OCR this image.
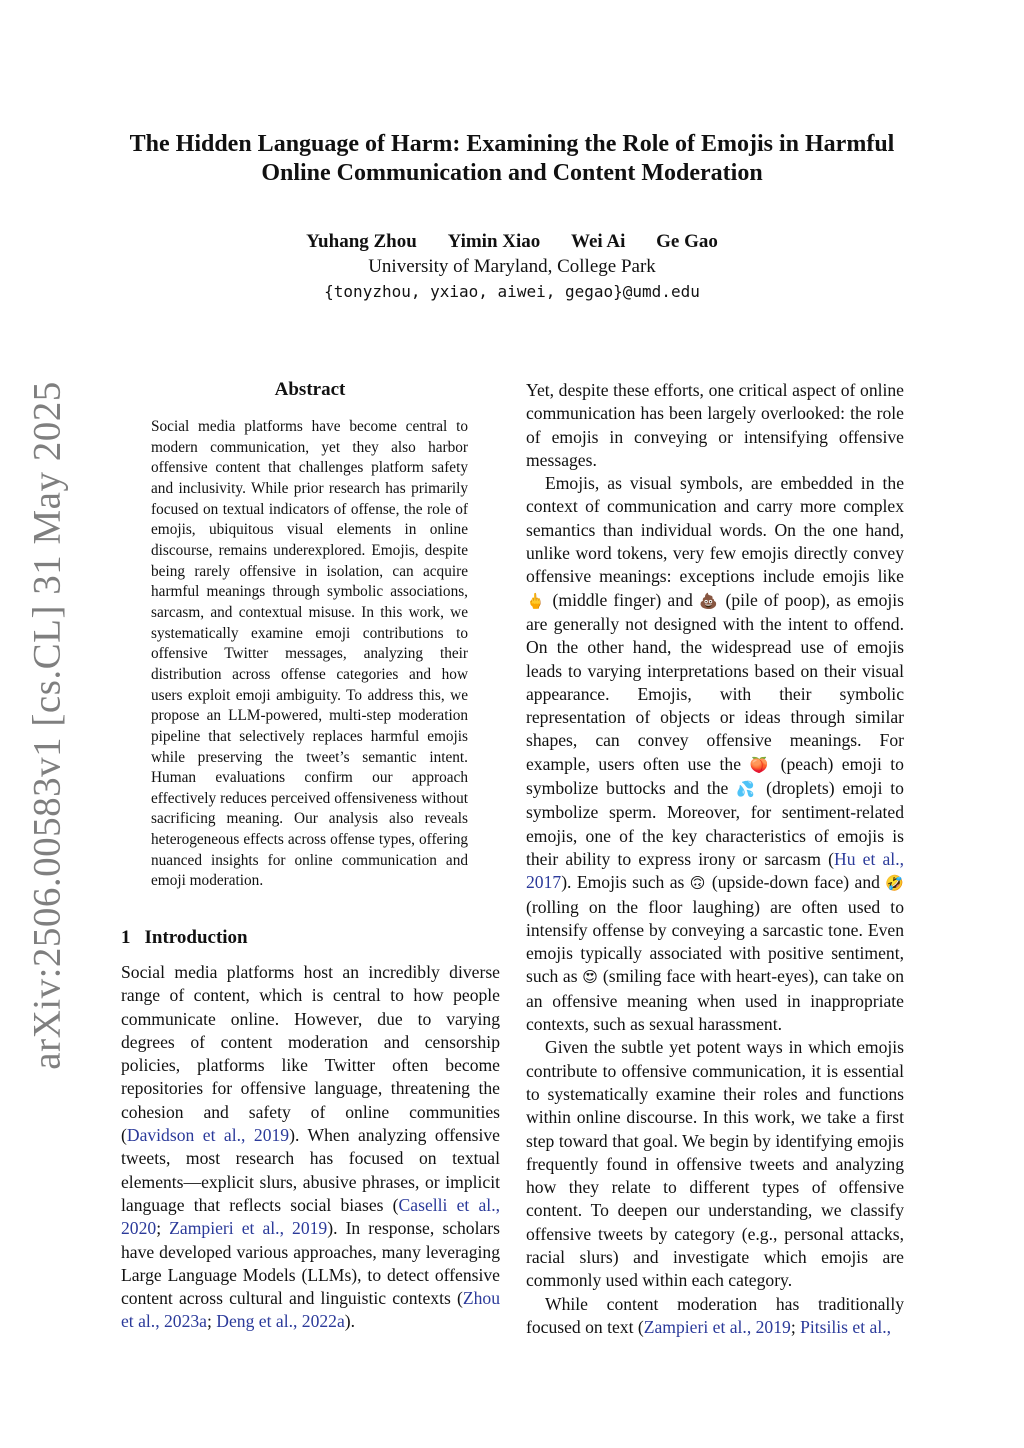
arXiv:2506.00583v1 [cs.CL] 31 May 2025
The Hidden Language of Harm: Examining the Role of Emojis in Harmful Online Communication and Content Moderation
Yuhang Zhou Yimin Xiao Wei Ai Ge Gao
University of Maryland, College Park
{tonyzhou, yxiao, aiwei, gegao}@umd.edu
Abstract

Social media platforms have become central to modern communication, yet they also harbor offensive content that challenges platform safety and inclusivity. While prior research has primarily focused on textual indicators of offense, the role of emojis, ubiquitous visual elements in online discourse, remains underexplored. Emojis, despite being rarely offensive in isolation, can acquire harmful meanings through symbolic associations, sarcasm, and contextual misuse. In this work, we systematically examine emoji contributions to offensive Twitter messages, analyzing their distribution across offense categories and how users exploit emoji ambiguity. To address this, we propose an LLM-powered, multi-step moderation pipeline that selectively replaces harmful emojis while preserving the tweet’s semantic intent. Human evaluations confirm our approach effectively reduces perceived offensiveness without sacrificing meaning. Our analysis also reveals heterogeneous effects across offense types, offering nuanced insights for online communication and emoji moderation.

1 Introduction

Social media platforms host an incredibly diverse range of content, which is central to how people communicate online. However, due to varying degrees of content moderation and censorship policies, platforms like Twitter often become repositories for offensive language, threatening the cohesion and safety of online communities (Davidson et al., 2019). When analyzing offensive tweets, most research has focused on textual elements—explicit slurs, abusive phrases, or implicit language that reflects social biases (Caselli et al., 2020; Zampieri et al., 2019). In response, scholars have developed various approaches, many leveraging Large Language Models (LLMs), to detect offensive content across cultural and linguistic contexts (Zhou et al., 2023a; Deng et al., 2022a).

Yet, despite these efforts, one critical aspect of online communication has been largely overlooked: the role of emojis in conveying or intensifying offensive messages.

Emojis, as visual symbols, are embedded in the context of communication and carry more complex semantics than individual words. On the one hand, unlike word tokens, very few emojis directly convey offensive meanings: exceptions include emojis like 🖕 (middle finger) and 💩 (pile of poop), as emojis are generally not designed with the intent to offend. On the other hand, the widespread use of emojis leads to varying interpretations based on their visual appearance. Emojis, with their symbolic representation of objects or ideas through similar shapes, can convey offensive meanings. For example, users often use the 🍑 (peach) emoji to symbolize buttocks and the 💦 (droplets) emoji to symbolize sperm. Moreover, for sentiment-related emojis, one of the key characteristics of emojis is their ability to express irony or sarcasm (Hu et al., 2017). Emojis such as 🙃 (upside-down face) and 🤣 (rolling on the floor laughing) are often used to intensify offense by conveying a sarcastic tone. Even emojis typically associated with positive sentiment, such as 😍 (smiling face with heart-eyes), can take on an offensive meaning when used in inappropriate contexts, such as sexual harassment.

Given the subtle yet potent ways in which emojis contribute to offensive communication, it is essential to systematically examine their roles and functions within online discourse. In this work, we take a first step toward that goal. We begin by identifying emojis frequently found in offensive tweets and analyzing how they relate to different types of offensive content. To deepen our understanding, we classify offensive tweets by category (e.g., personal attacks, racial slurs) and investigate which emojis are commonly used within each category.

While content moderation has traditionally focused on text (Zampieri et al., 2019; Pitsilis et al.,
